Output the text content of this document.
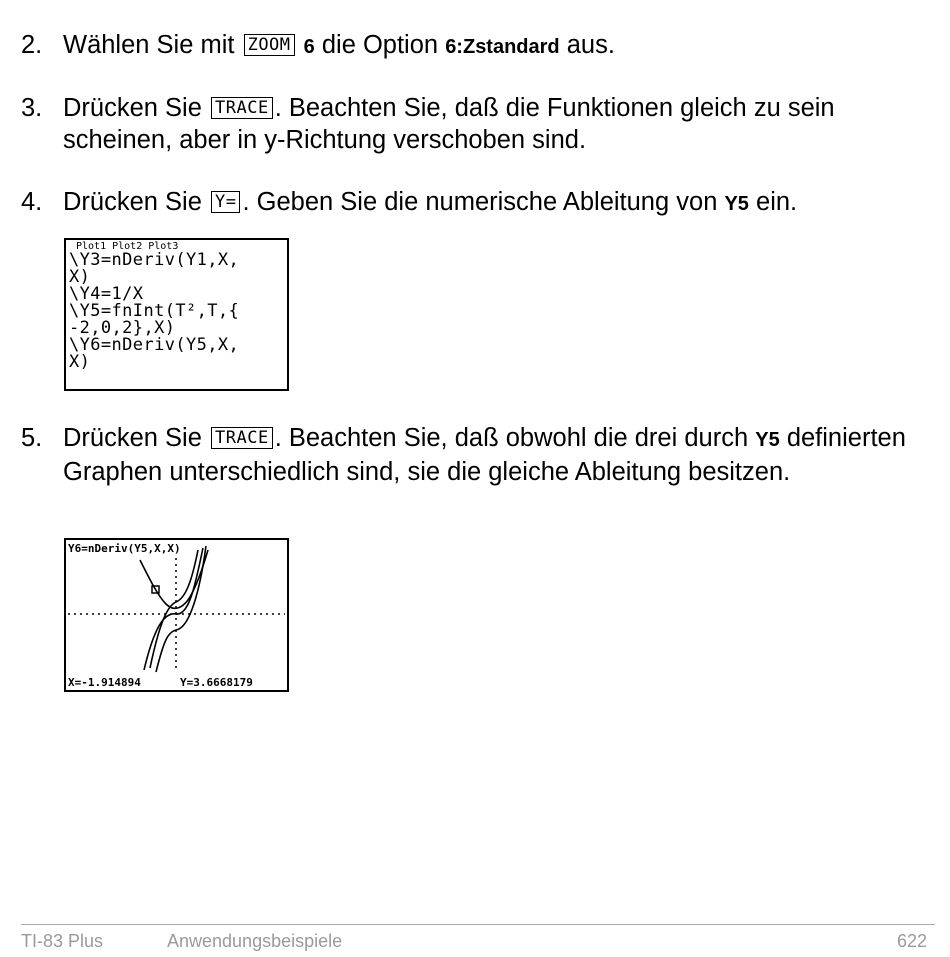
2. Wählen Sie mit ZOOM 6 die Option 6:Zstandard aus.
3. Drücken Sie TRACE . Beachten Sie, daß die Funktionen gleich zu sein scheinen, aber in y-Richtung verschoben sind.
4. Drücken Sie Y= . Geben Sie die numerische Ableitung von Y5 ein.
Plot1 Plot2 Plot3
\Y3=nDeriv(Y1,X,
X)
\Y4=1/X
\Y5=fnInt(T²,T,{
-2,0,2},X)
\Y6=nDeriv(Y5,X,
X)
5. Drücken Sie TRACE . Beachten Sie, daß obwohl die drei durch Y5 definierten Graphen unterschiedlich sind, sie die gleiche Ableitung besitzen.
Y6=nDeriv(Y5,X,X)
X=-1.914894	Y=3.6668179
TI-83 Plus	Anwendungsbeispiele	622
